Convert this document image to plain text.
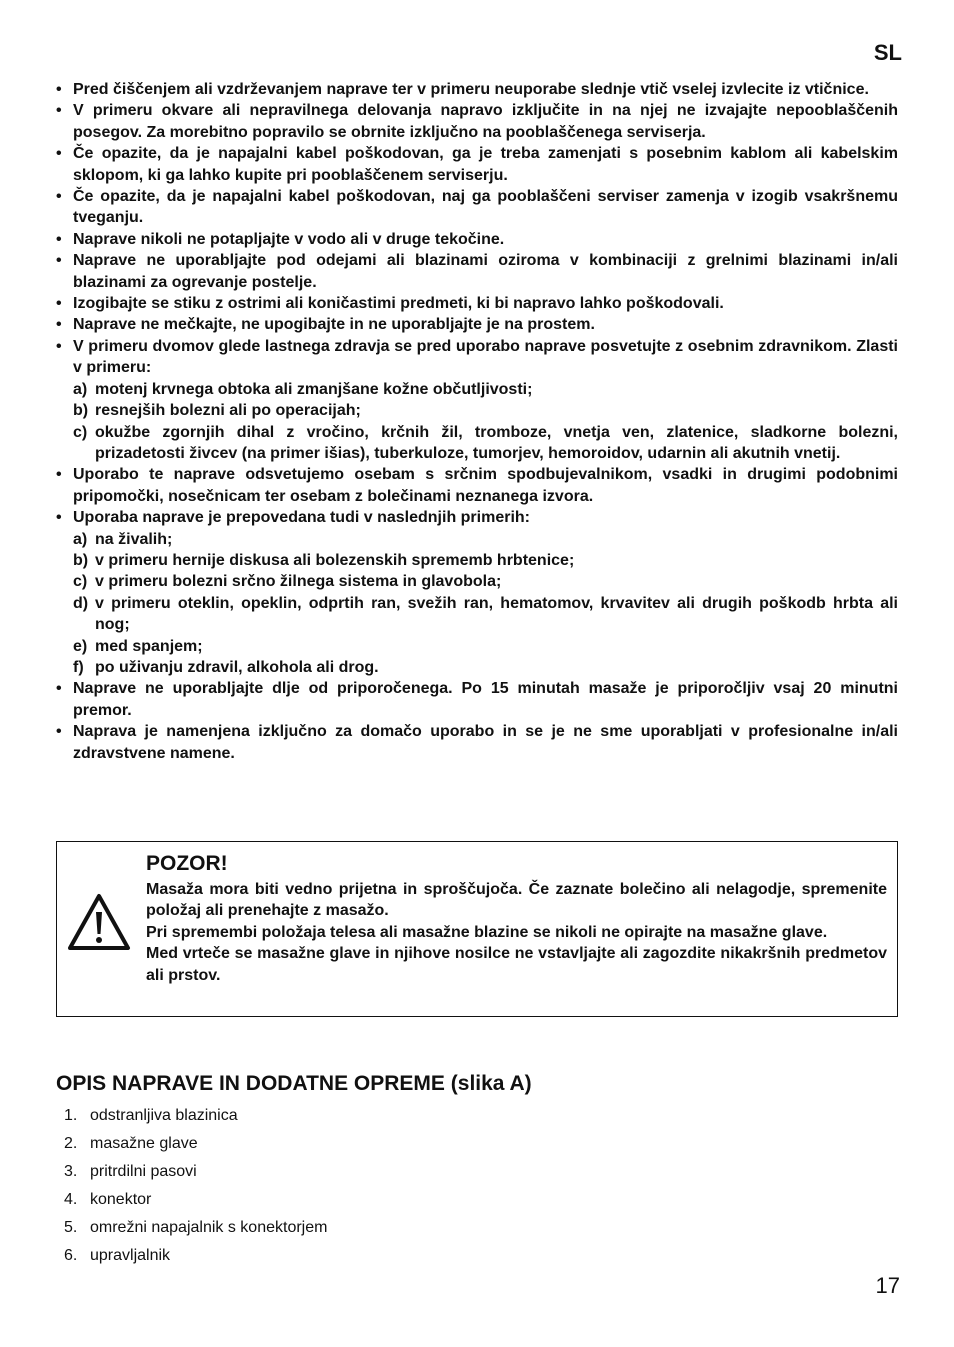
SL
• Pred čiščenjem ali vzdrževanjem naprave ter v primeru neuporabe slednje vtič vselej izvlecite iz vtičnice.
• V primeru okvare ali nepravilnega delovanja napravo izključite in na njej ne izvajajte nepooblaščenih posegov. Za morebitno popravilo se obrnite izključno na pooblaščenega serviserja.
• Če opazite, da je napajalni kabel poškodovan, ga je treba zamenjati s posebnim kablom ali kabelskim sklopom, ki ga lahko kupite pri pooblaščenem serviserju.
• Če opazite, da je napajalni kabel poškodovan, naj ga pooblaščeni serviser zamenja v izogib vsakršnemu tveganju.
• Naprave nikoli ne potapljajte v vodo ali v druge tekočine.
• Naprave ne uporabljajte pod odejami ali blazinami oziroma v kombinaciji z grelnimi blazinami in/ali blazinami za ogrevanje postelje.
• Izogibajte se stiku z ostrimi ali koničastimi predmeti, ki bi napravo lahko poškodovali.
• Naprave ne mečkajte, ne upogibajte in ne uporabljajte je na prostem.
• V primeru dvomov glede lastnega zdravja se pred uporabo naprave posvetujte z osebnim zdravnikom. Zlasti v primeru:
a) motenj krvnega obtoka ali zmanjšane kožne občutljivosti;
b) resnejših bolezni ali po operacijah;
c) okužbe zgornjih dihal z vročino, krčnih žil, tromboze, vnetja ven, zlatenice, sladkorne bolezni, prizadetosti živcev (na primer išias), tuberkuloze, tumorjev, hemoroidov, udarnin ali akutnih vnetij.
• Uporabo te naprave odsvetujemo osebam s srčnim spodbujevalnikom, vsadki in drugimi podobnimi pripomočki, nosečnicam ter osebam z bolečinami neznanega izvora.
• Uporaba naprave je prepovedana tudi v naslednjih primerih:
a) na živalih;
b) v primeru hernije diskusa ali bolezenskih sprememb hrbtenice;
c) v primeru bolezni srčno žilnega sistema in glavobola;
d) v primeru oteklin, opeklin, odprtih ran, svežih ran, hematomov, krvavitev ali drugih poškodb hrbta ali nog;
e) med spanjem;
f) po uživanju zdravil, alkohola ali drog.
• Naprave ne uporabljajte dlje od priporočenega. Po 15 minutah masaže je priporočljiv vsaj 20 minutni premor.
• Naprava je namenjena izključno za domačo uporabo in se je ne sme uporabljati v profesionalne in/ali zdravstvene namene.
POZOR!

Masaža mora biti vedno prijetna in sproščujoča. Če zaznate bolečino ali nelagodje, spremenite položaj ali prenehajte z masažo.

Pri spremembi položaja telesa ali masažne blazine se nikoli ne opirajte na masažne glave.

Med vrteče se masažne glave in njihove nosilce ne vstavljajte ali zagozdite nikakršnih predmetov ali prstov.

OPIS NAPRAVE IN DODATNE OPREME (slika A)
1. odstranljiva blazinica
2. masažne glave
3. pritrdilni pasovi
4. konektor
5. omrežni napajalnik s konektorjem
6. upravljalnik
17
